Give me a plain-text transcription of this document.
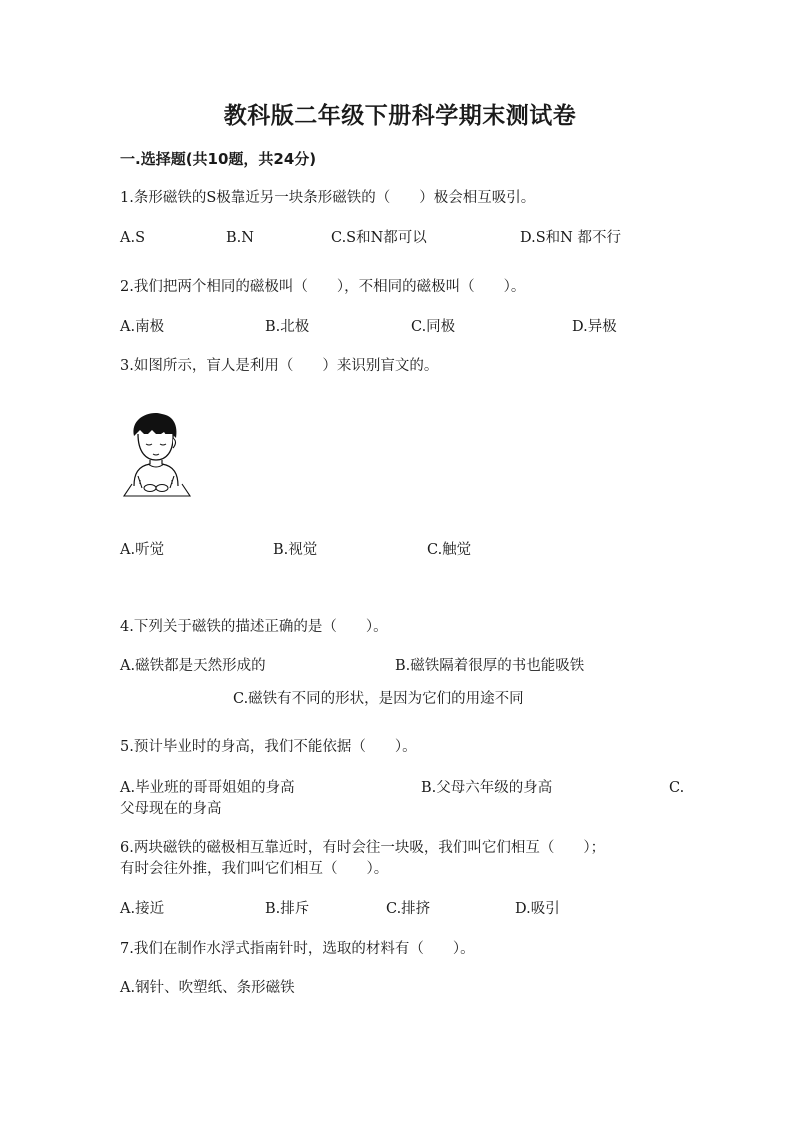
教科版二年级下册科学期末测试卷
一.选择题(共10题，共24分)
1.条形磁铁的S极靠近另一块条形磁铁的（　　）极会相互吸引。
A.S	B.N	C.S和N都可以	D.S和N 都不行
2.我们把两个相同的磁极叫（　　），不相同的磁极叫（　　）。
A.南极	B.北极	C.同极	D.异极
3.如图所示，盲人是利用（　　）来识别盲文的。
A.听觉	B.视觉	C.触觉
4.下列关于磁铁的描述正确的是（　　）。
A.磁铁都是天然形成的	B.磁铁隔着很厚的书也能吸铁
C.磁铁有不同的形状，是因为它们的用途不同
5.预计毕业时的身高，我们不能依据（　　）。
A.毕业班的哥哥姐姐的身高	B.父母六年级的身高	C.
父母现在的身高
6.两块磁铁的磁极相互靠近时，有时会往一块吸，我们叫它们相互（　　）；
有时会往外推，我们叫它们相互（　　）。
A.接近	B.排斥	C.排挤	D.吸引
7.我们在制作水浮式指南针时，选取的材料有（　　）。
A.钢针、吹塑纸、条形磁铁
